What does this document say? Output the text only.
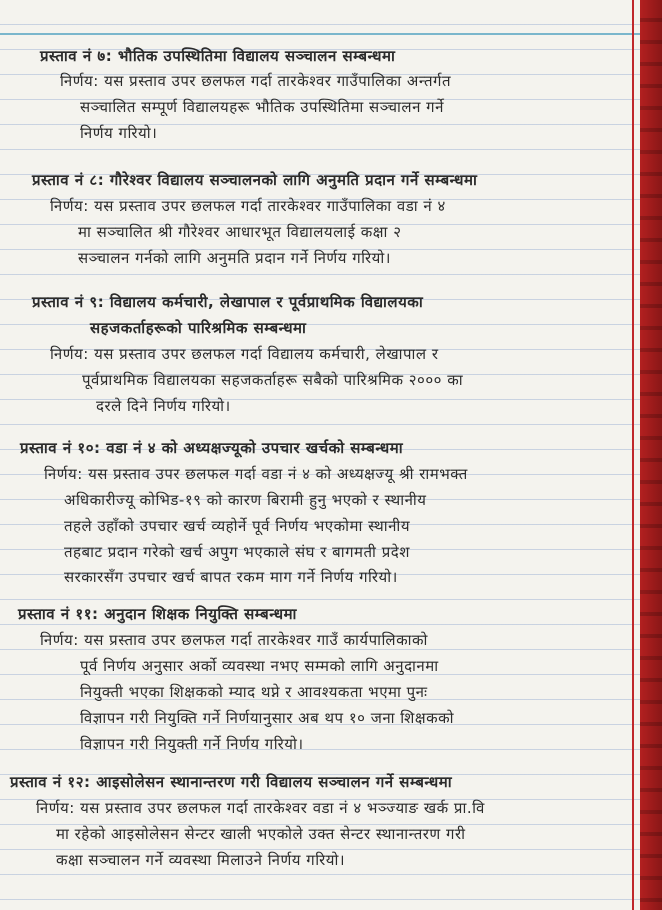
प्रस्ताव नं ७: भौतिक उपस्थितिमा विद्यालय सञ्चालन सम्बन्धमा
निर्णय: यस प्रस्ताव उपर छलफल गर्दा तारकेश्वर गाउँपालिका अन्तर्गत
सञ्चालित सम्पूर्ण विद्यालयहरू भौतिक उपस्थितिमा सञ्चालन गर्ने
निर्णय गरियो।
प्रस्ताव नं ८: गौरेश्वर विद्यालय सञ्चालनको लागि अनुमति प्रदान गर्ने सम्बन्धमा
निर्णय: यस प्रस्ताव उपर छलफल गर्दा तारकेश्वर गाउँपालिका वडा नं ४
मा सञ्चालित श्री गौरेश्वर आधारभूत विद्यालयलाई कक्षा २
सञ्चालन गर्नको लागि अनुमति प्रदान गर्ने निर्णय गरियो।
प्रस्ताव नं ९: विद्यालय कर्मचारी, लेखापाल र पूर्वप्राथमिक विद्यालयका
सहजकर्ताहरूको पारिश्रमिक सम्बन्धमा
निर्णय: यस प्रस्ताव उपर छलफल गर्दा विद्यालय कर्मचारी, लेखापाल र
पूर्वप्राथमिक विद्यालयका सहजकर्ताहरू सबैको पारिश्रमिक २००० का
दरले दिने निर्णय गरियो।
प्रस्ताव नं १०: वडा नं ४ को अध्यक्षज्यूको उपचार खर्चको सम्बन्धमा
निर्णय: यस प्रस्ताव उपर छलफल गर्दा वडा नं ४ को अध्यक्षज्यू श्री रामभक्त
अधिकारीज्यू कोभिड-१९ को कारण बिरामी हुनु भएको र स्थानीय
तहले उहाँको उपचार खर्च व्यहोर्ने पूर्व निर्णय भएकोमा स्थानीय
तहबाट प्रदान गरेको खर्च अपुग भएकाले संघ र बागमती प्रदेश
सरकारसँग उपचार खर्च बापत रकम माग गर्ने निर्णय गरियो।
प्रस्ताव नं ११: अनुदान शिक्षक नियुक्ति सम्बन्धमा
निर्णय: यस प्रस्ताव उपर छलफल गर्दा तारकेश्वर गाउँ कार्यपालिकाको
पूर्व निर्णय अनुसार अर्को व्यवस्था नभए सम्मको लागि अनुदानमा
नियुक्ती भएका शिक्षकको म्याद थप्ने र आवश्यकता भएमा पुनः
विज्ञापन गरी नियुक्ति गर्ने निर्णयानुसार अब थप १० जना शिक्षकको
विज्ञापन गरी नियुक्ती गर्ने निर्णय गरियो।
प्रस्ताव नं १२: आइसोलेसन स्थानान्तरण गरी विद्यालय सञ्चालन गर्ने सम्बन्धमा
निर्णय: यस प्रस्ताव उपर छलफल गर्दा तारकेश्वर वडा नं ४ भञ्ज्याङ खर्क प्रा.वि
मा रहेको आइसोलेसन सेन्टर खाली भएकोले उक्त सेन्टर स्थानान्तरण गरी
कक्षा सञ्चालन गर्ने व्यवस्था मिलाउने निर्णय गरियो।
